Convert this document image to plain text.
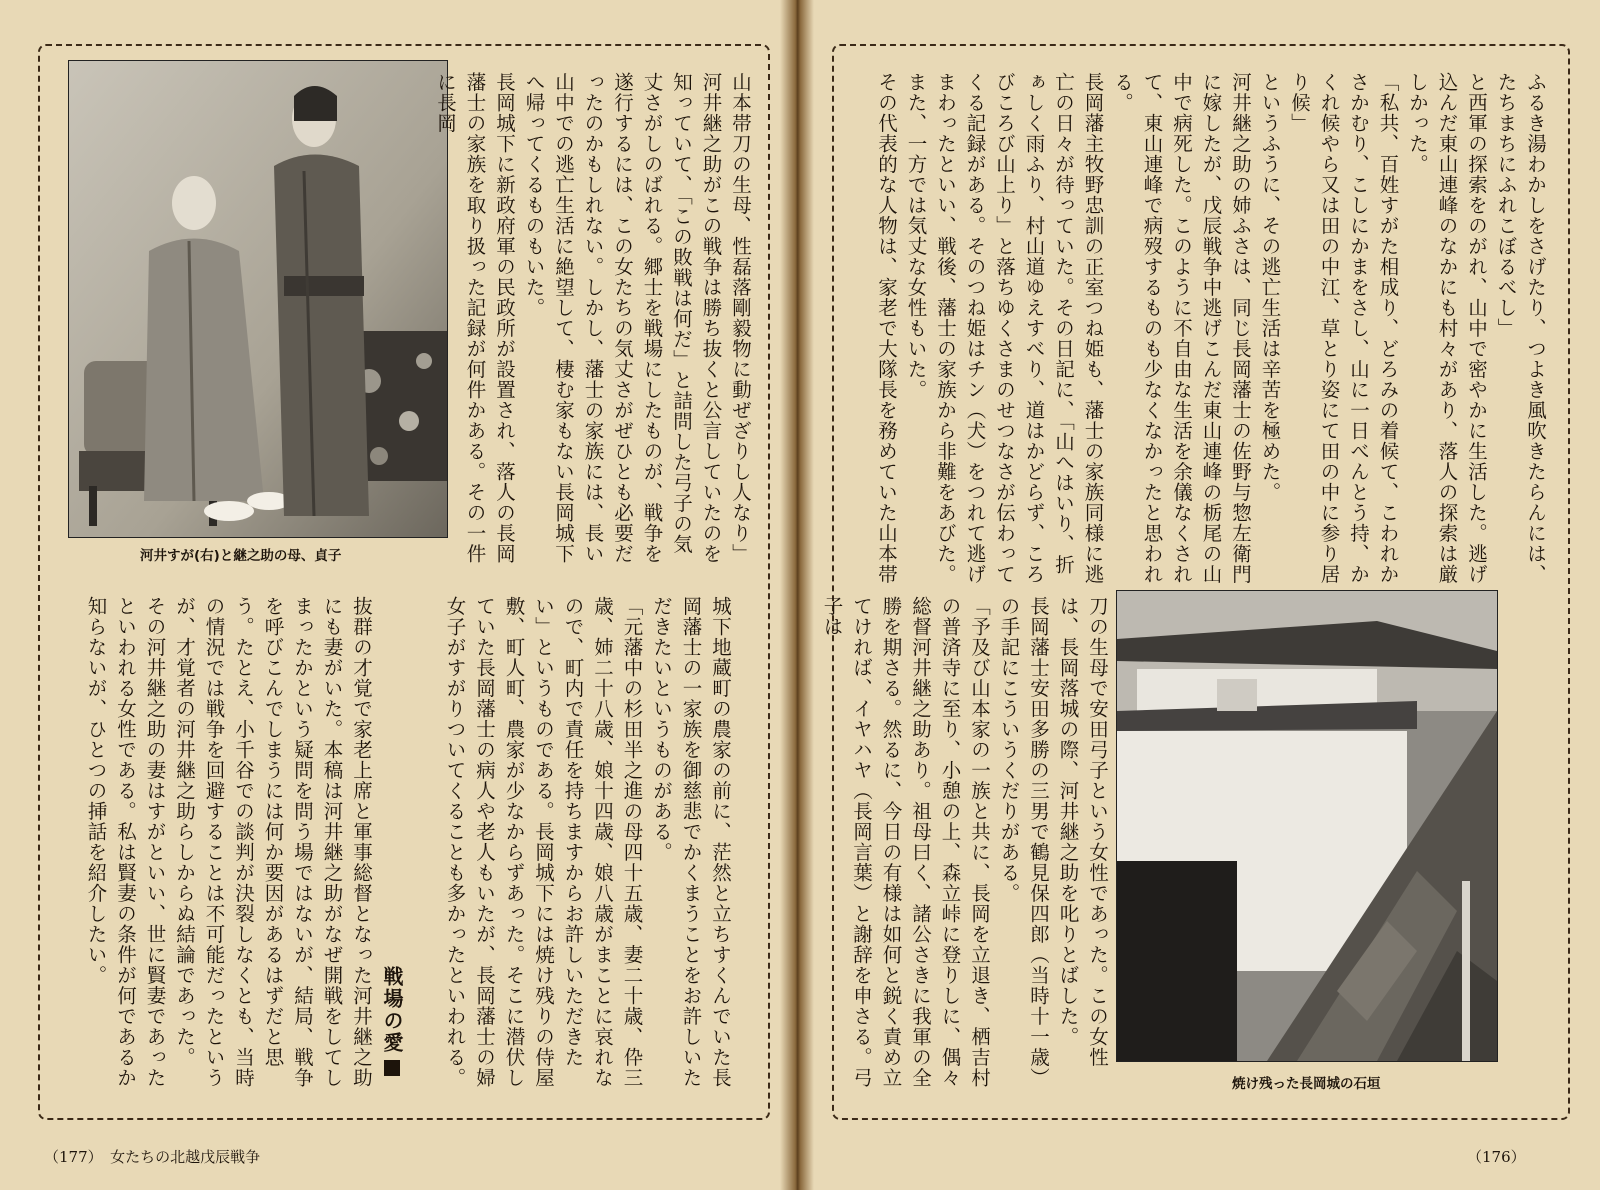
河井すが(右)と継之助の母、貞子	山本帯刀の生母、性磊落剛毅物に動ぜざりし人なり」
河井継之助がこの戦争は勝ち抜くと公言していたのを知っていて、「この敗戦は何だ」と詰問した弓子の気丈さがしのばれる。郷士を戦場にしたものが、戦争を遂行するには、この女たちの気丈さがぜひとも必要だったのかもしれない。しかし、藩士の家族には、長い山中での逃亡生活に絶望して、棲む家もない長岡城下へ帰ってくるものもいた。
長岡城下に新政府軍の民政所が設置され、落人の長岡藩士の家族を取り扱った記録が何件かある。その一件に長岡
城下地蔵町の農家の前に、茫然と立ちすくんでいた長岡藩士の一家族を御慈悲でかくまうことをお許しいただきたいというものがある。
「元藩中の杉田半之進の母四十五歳、妻二十歳、伜三歳、姉二十八歳、娘十四歳、娘八歳がまことに哀れなので、町内で責任を持ちますからお許しいただきたい」というものである。長岡城下には焼け残りの侍屋敷、町人町、農家が少なからずあった。そこに潜伏していた長岡藩士の病人や老人もいたが、長岡藩士の婦女子がすがりついてくることも多かったといわれる。
戦場の愛
抜群の才覚で家老上席と軍事総督となった河井継之助にも妻がいた。本稿は河井継之助がなぜ開戦をしてしまったかという疑問を問う場ではないが、結局、戦争を呼びこんでしまうには何か要因があるはずだと思う。たとえ、小千谷での談判が決裂しなくとも、当時の情況では戦争を回避することは不可能だったというが、才覚者の河井継之助らしからぬ結論であった。
その河井継之助の妻はすがといい、世に賢妻であったといわれる女性である。私は賢妻の条件が何であるか知らないが、ひとつの挿話を紹介したい。
（177）　女たちの北越戊辰戦争
ふるき湯わかしをさげたり、つよき風吹きたらんには、たちまちにふれこぼるべし」
と西軍の探索をのがれ、山中で密やかに生活した。逃げ込んだ東山連峰のなかにも村々があり、落人の探索は厳しかった。
「私共、百姓すがた相成り、どろみの着候て、こわれかさかむり、こしにかまをさし、山に一日べんとう持、かくれ候やら又は田の中江、草とり姿にて田の中に参り居り候」
というふうに、その逃亡生活は辛苦を極めた。
河井継之助の姉ふさは、同じ長岡藩士の佐野与惣左衛門に嫁したが、戊辰戦争中逃げこんだ東山連峰の栃尾の山中で病死した。このように不自由な生活を余儀なくされて、東山連峰で病歿するものも少なくなかったと思われる。
長岡藩主牧野忠訓の正室つね姫も、藩士の家族同様に逃亡の日々が待っていた。その日記に、「山へはいり、折ぁしく雨ふり、村山道ゆえすべり、道はかどらず、ころびころび山上り」と落ちゆくさまのせつなさが伝わってくる記録がある。そのつね姫はチン（犬）をつれて逃げまわったといい、戦後、藩士の家族から非難をあびた。
また、一方では気丈な女性もいた。
その代表的な人物は、家老で大隊長を務めていた山本帯
刀の生母で安田弓子という女性であった。この女性は、長岡落城の際、河井継之助を叱りとばした。
長岡藩士安田多勝の三男で鶴見保四郎（当時十一歳）の手記にこういうくだりがある。
「予及び山本家の一族と共に、長岡を立退き、栖吉村の普済寺に至り、小憩の上、森立峠に登りしに、偶々総督河井継之助あり。祖母曰く、諸公さきに我軍の全勝を期さる。然るに、今日の有様は如何と鋭く責め立てければ、イヤハヤ（長岡言葉）と謝辞を申さる。弓子は
焼け残った長岡城の石垣
（176）
